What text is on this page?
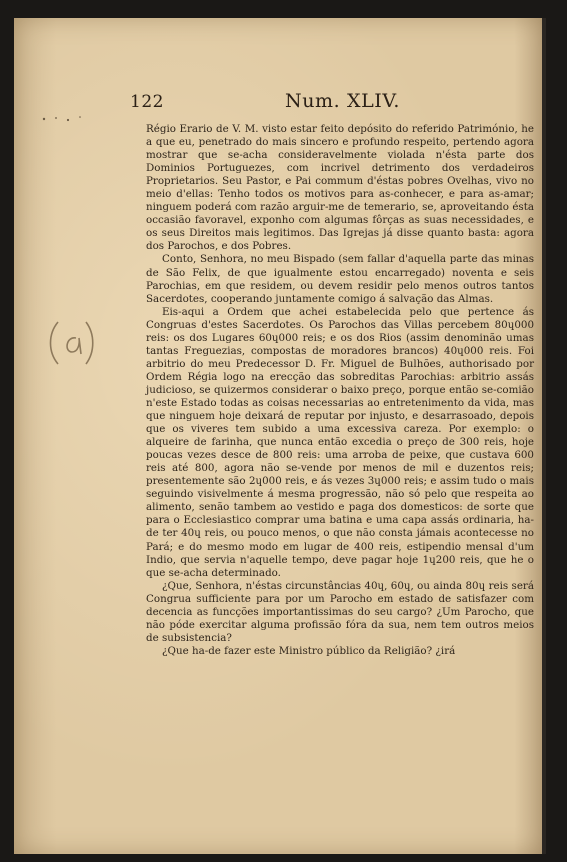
122	Num. XLIV.

Régio Erario de V. M. visto estar feito depósito do referido Património, he a que eu, penetrado do mais sincero e profundo respeito, pertendo agora mostrar que se-acha consideravelmente violada n'ésta parte dos Dominios Portuguezes, com incrivel detrimento dos verdadeiros Proprietarios. Seu Pastor, e Pai commum d'éstas pobres Ovelhas, vivo no meio d'ellas: Tenho todos os motivos para as-conhecer, e para as-amar; ninguem poderá com razão arguir-me de temerario, se, aproveitando ésta occasião favoravel, exponho com algumas fôrças as suas necessidades, e os seus Direitos mais legitimos. Das Igrejas já disse quanto basta: agora dos Parochos, e dos Pobres.

Conto, Senhora, no meu Bispado (sem fallar d'aquella parte das minas de São Felix, de que igualmente estou encarregado) noventa e seis Parochias, em que residem, ou devem residir pelo menos outros tantos Sacerdotes, cooperando juntamente comigo á salvação das Almas.

Eis-aqui a Ordem que achei estabelecida pelo que pertence ás Congruas d'estes Sacerdotes. Os Parochos das Villas percebem 80ɥ000 reis: os dos Lugares 60ɥ000 reis; e os dos Rios (assim denominão umas tantas Freguezias, compostas de moradores brancos) 40ɥ000 reis. Foi arbitrio do meu Predecessor D. Fr. Miguel de Bulhões, authorisado por Ordem Régia logo na erecção das sobreditas Parochias: arbitrio assás judicioso, se quizermos considerar o baixo preço, porque então se-comião n'este Estado todas as coisas necessarias ao entretenimento da vida, mas que ninguem hoje deixará de reputar por injusto, e desarrasoado, depois que os viveres tem subido a uma excessiva careza. Por exemplo: o alqueire de farinha, que nunca então excedia o preço de 300 reis, hoje poucas vezes desce de 800 reis: uma arroba de peixe, que custava 600 reis até 800, agora não se-vende por menos de mil e duzentos reis; presentemente são 2ɥ000 reis, e ás vezes 3ɥ000 reis; e assim tudo o mais seguindo visivelmente á mesma progressão, não só pelo que respeita ao alimento, senão tambem ao vestido e paga dos domesticos: de sorte que para o Ecclesiastico comprar uma batina e uma capa assás ordinaria, ha-de ter 40ɥ reis, ou pouco menos, o que não consta jámais acontecesse no Pará; e do mesmo modo em lugar de 400 reis, estipendio mensal d'um Indio, que servia n'aquelle tempo, deve pagar hoje 1ɥ200 reis, que he o que se-acha determinado.

¿Que, Senhora, n'éstas circunstâncias 40ɥ, 60ɥ, ou ainda 80ɥ reis será Congrua sufficiente para por um Parocho em estado de satisfazer com decencia as funcções importantissimas do seu cargo? ¿Um Parocho, que não póde exercitar alguma profissão fóra da sua, nem tem outros meios de subsistencia?

¿Que ha-de fazer este Ministro público da Religião? ¿irá
